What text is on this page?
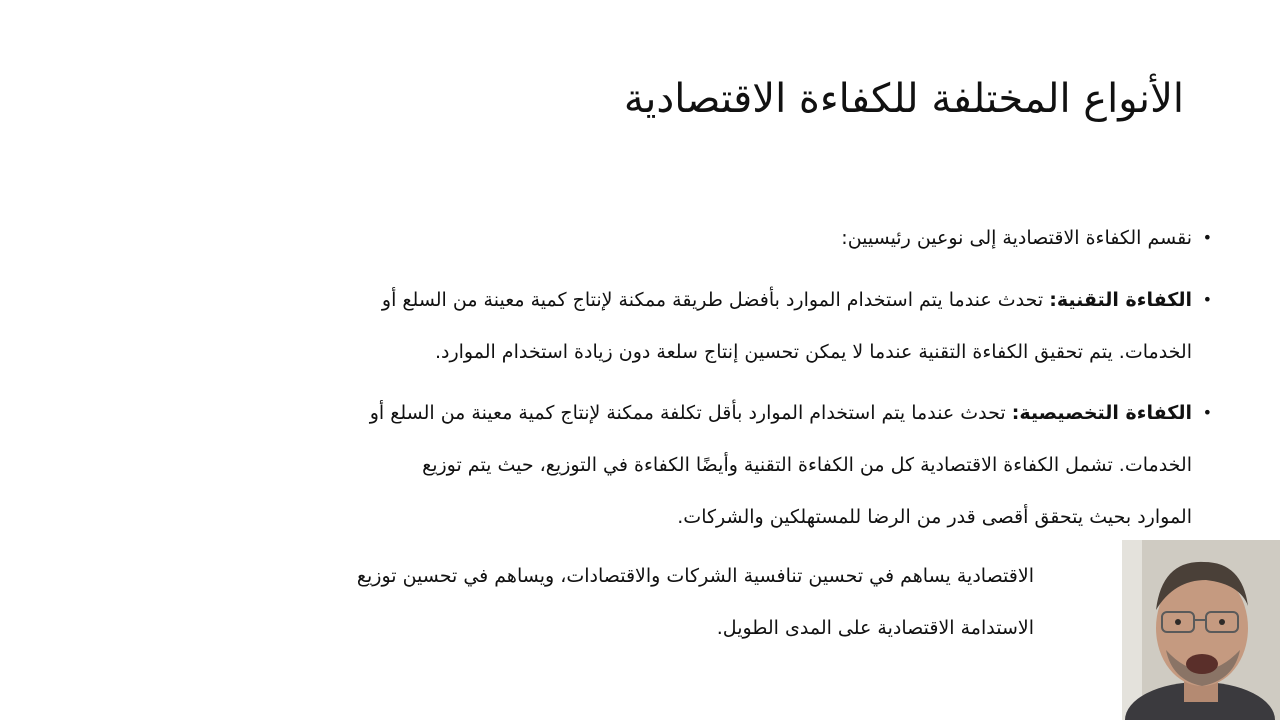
الأنواع المختلفة للكفاءة الاقتصادية
•
نقسم الكفاءة الاقتصادية إلى نوعين رئيسيين:
•
الكفاءة التقنية: تحدث عندما يتم استخدام الموارد بأفضل طريقة ممكنة لإنتاج كمية معينة من السلع أو
الخدمات. يتم تحقيق الكفاءة التقنية عندما لا يمكن تحسين إنتاج سلعة دون زيادة استخدام الموارد.
•
الكفاءة التخصيصية: تحدث عندما يتم استخدام الموارد بأقل تكلفة ممكنة لإنتاج كمية معينة من السلع أو
الخدمات. تشمل الكفاءة الاقتصادية كل من الكفاءة التقنية وأيضًا الكفاءة في التوزيع، حيث يتم توزيع
الموارد بحيث يتحقق أقصى قدر من الرضا للمستهلكين والشركات.
الاقتصادية يساهم في تحسين تنافسية الشركات والاقتصادات، ويساهم في تحسين توزيع
الاستدامة الاقتصادية على المدى الطويل.
